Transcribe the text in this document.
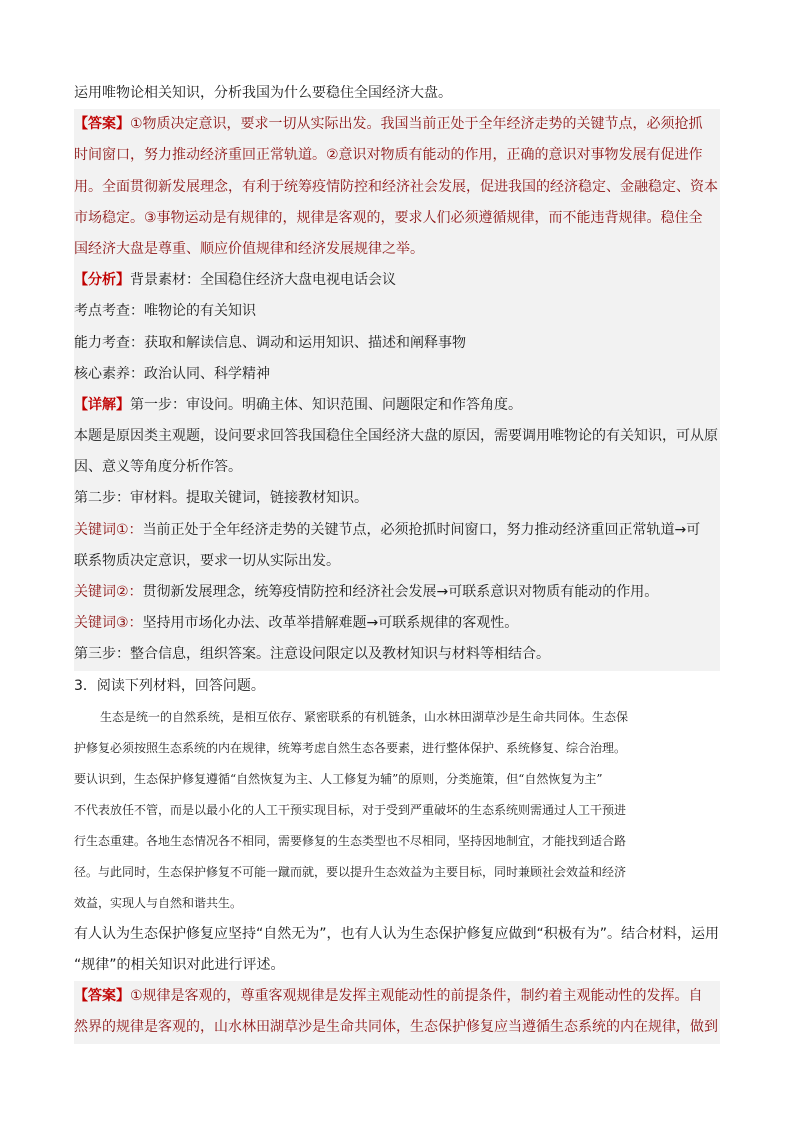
运用唯物论相关知识，分析我国为什么要稳住全国经济大盘。
【答案】①物质决定意识，要求一切从实际出发。我国当前正处于全年经济走势的关键节点，必须抢抓
时间窗口，努力推动经济重回正常轨道。②意识对物质有能动的作用，正确的意识对事物发展有促进作
用。全面贯彻新发展理念，有利于统筹疫情防控和经济社会发展，促进我国的经济稳定、金融稳定、资本
市场稳定。③事物运动是有规律的，规律是客观的，要求人们必须遵循规律，而不能违背规律。稳住全
国经济大盘是尊重、顺应价值规律和经济发展规律之举。
【分析】背景素材：全国稳住经济大盘电视电话会议
考点考查：唯物论的有关知识
能力考查：获取和解读信息、调动和运用知识、描述和阐释事物
核心素养：政治认同、科学精神
【详解】第一步：审设问。明确主体、知识范围、问题限定和作答角度。
本题是原因类主观题，设问要求回答我国稳住全国经济大盘的原因，需要调用唯物论的有关知识，可从原
因、意义等角度分析作答。
第二步：审材料。提取关键词，链接教材知识。
关键词①：当前正处于全年经济走势的关键节点，必须抢抓时间窗口，努力推动经济重回正常轨道→可
联系物质决定意识，要求一切从实际出发。
关键词②：贯彻新发展理念，统筹疫情防控和经济社会发展→可联系意识对物质有能动的作用。
关键词③：坚持用市场化办法、改革举措解难题→可联系规律的客观性。
第三步：整合信息，组织答案。注意设问限定以及教材知识与材料等相结合。
3．阅读下列材料，回答问题。
生态是统一的自然系统，是相互依存、紧密联系的有机链条，山水林田湖草沙是生命共同体。生态保
护修复必须按照生态系统的内在规律，统筹考虑自然生态各要素，进行整体保护、系统修复、综合治理。
要认识到，生态保护修复遵循“自然恢复为主、人工修复为辅”的原则，分类施策，但“自然恢复为主”
不代表放任不管，而是以最小化的人工干预实现目标，对于受到严重破坏的生态系统则需通过人工干预进
行生态重建。各地生态情况各不相同，需要修复的生态类型也不尽相同，坚持因地制宜，才能找到适合路
径。与此同时，生态保护修复不可能一蹴而就，要以提升生态效益为主要目标，同时兼顾社会效益和经济
效益，实现人与自然和谐共生。
有人认为生态保护修复应坚持“自然无为”，也有人认为生态保护修复应做到“积极有为”。结合材料，运用
“规律”的相关知识对此进行评述。
【答案】①规律是客观的，尊重客观规律是发挥主观能动性的前提条件，制约着主观能动性的发挥。自
然界的规律是客观的，山水林田湖草沙是生命共同体，生态保护修复应当遵循生态系统的内在规律，做到
